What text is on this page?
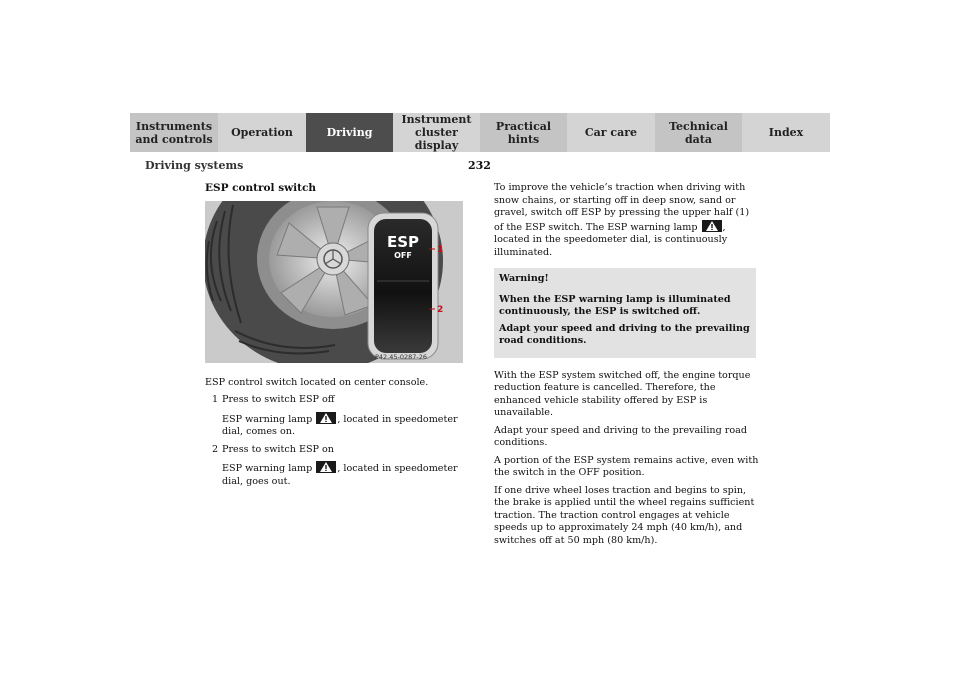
Instruments
and controls	Operation	Driving
Instrument
cluster display
Practical hints	Car care	Technical
data	Index
Driving systems	232
ESP control switch
ESP
OFF
1
2
P42.45-0287-26

ESP control switch located on center console.

1 Press to switch ESP off
ESP warning lamp	, located in speedometer dial, comes on.
2 Press to switch ESP on
ESP warning lamp	, located in speedometer dial, goes out.

To improve the vehicle’s traction when driving with snow chains, or starting off in deep snow, sand or gravel, switch off ESP by pressing the upper half (1) of the ESP switch. The ESP warning lamp	, located in the speedometer dial, is continuously illuminated.

Warning!
When the ESP warning lamp is illuminated continuously, the ESP is switched off.
Adapt your speed and driving to the prevailing road conditions.

With the ESP system switched off, the engine torque reduction feature is cancelled. Therefore, the enhanced vehicle stability offered by ESP is unavailable.

Adapt your speed and driving to the prevailing road conditions.

A portion of the ESP system remains active, even with the switch in the OFF position.

If one drive wheel loses traction and begins to spin, the brake is applied until the wheel regains sufficient traction. The traction control engages at vehicle speeds up to approximately 24 mph (40 km/h), and switches off at 50 mph (80 km/h).
